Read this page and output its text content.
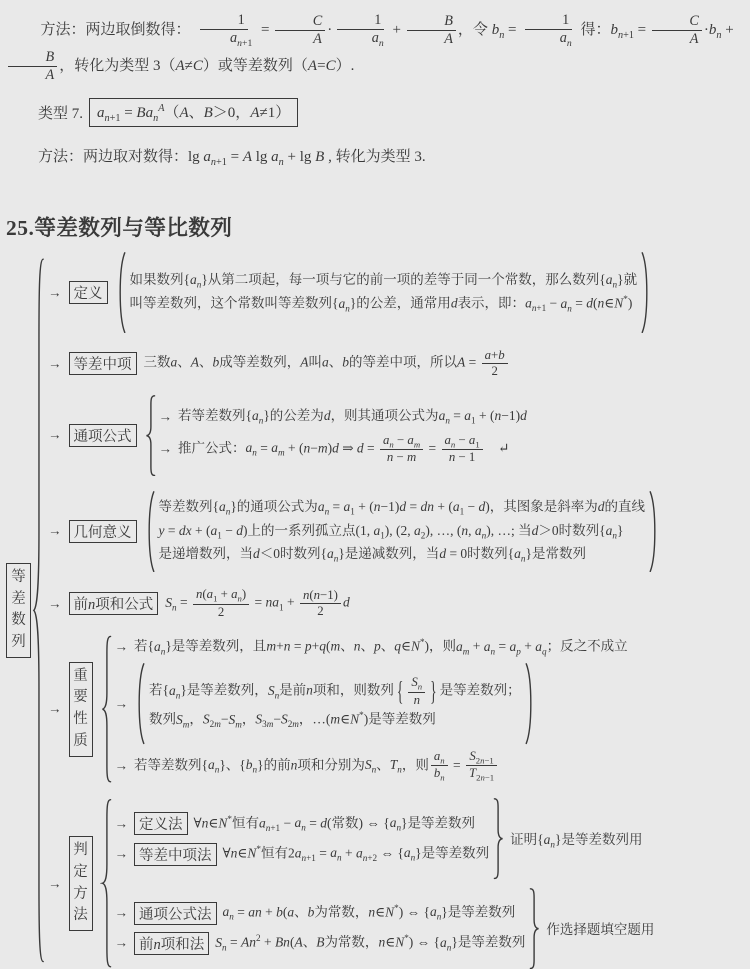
方法：两边取倒数得： $\frac{1}{a_{n+1}} = \frac{C}{A} \cdot \frac{1}{a_n} + \frac{B}{A}$ ，令 $b_n = \frac{1}{a_n}$ 得：$b_{n+1} = \frac{C}{A} \cdot b_n$ +
$\frac{B}{A}$ ，转化为类型 3（A≠C）或等差数列（A=C）.

类型 7. $a_{n+1} = Ba_n^A(A$、B＞0，A≠1）

方法：两边取对数得：$\lg a_{n+1} = A$ $\lg a_n + \lg B$ , 转化为类型 3.

25.等差数列与等比数列
等差数列
→ 定义
如果数列$\{a_n\}$从第二项起，每一项与它的前一项的差等于同一个常数，那么数列$\{a_n\}$就
叫等差数列，这个常数叫等差数列$\{a_n\}$的公差，通常用d表示，即：$a_{n+1} - a_n$ = d(n∈N*)
→ 等差中项 三数a、A、b成等差数列，A叫a、b的等差中项，所以$A = \frac{a+b}{2}$
→ 通项公式
→ 若等差数列$\{a_n\}$的公差为d，则其通项公式为$a_n = a_1 + (n-1)d$
→ 推广公式：$a_n = a_m + (n-m)d$ ⇒ $d = \frac{a_n - a_m}{n - m} = \frac{a_n - a_1}{n - 1}$ 　↵
→ 几何意义
等差数列$\{a_n\}$的通项公式为$a_n = a_1 + (n-1)d$ = dn + $(a_1 - d)$，其图象是斜率为d的直线
y = dx + $(a_1 - d)$上的一系列孤立点(1, $a_1$), (2, $a_2$), …, (n, $a_n$), …; 当d＞0时数列$\{a_n\}$
是递增数列，当d＜0时数列$\{a_n\}$是递减数列，当d = 0时数列$\{a_n\}$是常数列
→ 前n项和公式 $S_n = \frac{n(a_1 + a_n)}{2} = na_1 + \frac{n(n-1)}{2}$ d
→
重要性质
→ 若$\{a_n\}$是等差数列，且m+n = p+q(m、n、p、q∈N*)，则$a_m + a_n = a_p + a_q$；反之不成立
→
若$\{a_n\}$是等差数列，$S_n$是前n项和，则数列 { $\frac{S_n}{n}$ } 是等差数列；
数列$S_m$，$S_{2m}-S_m$，$S_{3m}-S_{2m}$，…(m∈N*)是等差数列
→ 若等差数列$\{a_n\}$、$\{b_n\}$的前n项和分别为$S_n$、$T_n$，则 $\frac{a_n}{b_n} = \frac{S_{2n-1}}{T_{2n-1}}$
→
判定方法
→ 定义法 ∀n∈N*恒有$a_{n+1} - a_n = d$(常数) ⇔ $\{a_n\}$是等差数列
→ 等差中项法 ∀n∈N*恒有$2a_{n+1} = a_n + a_{n+2}$ ⇔ $\{a_n\}$是等差数列
证明$\{a_n\}$是等差数列用
→ 通项公式法 $a_n$ = an + b(a、b为常数，n∈N*) ⇔ $\{a_n\}$是等差数列
→ 前n项和法 $S_n = An^2 + Bn(A$、B为常数，n∈N*) ⇔ $\{a_n\}$是等差数列
作选择题填空题用
